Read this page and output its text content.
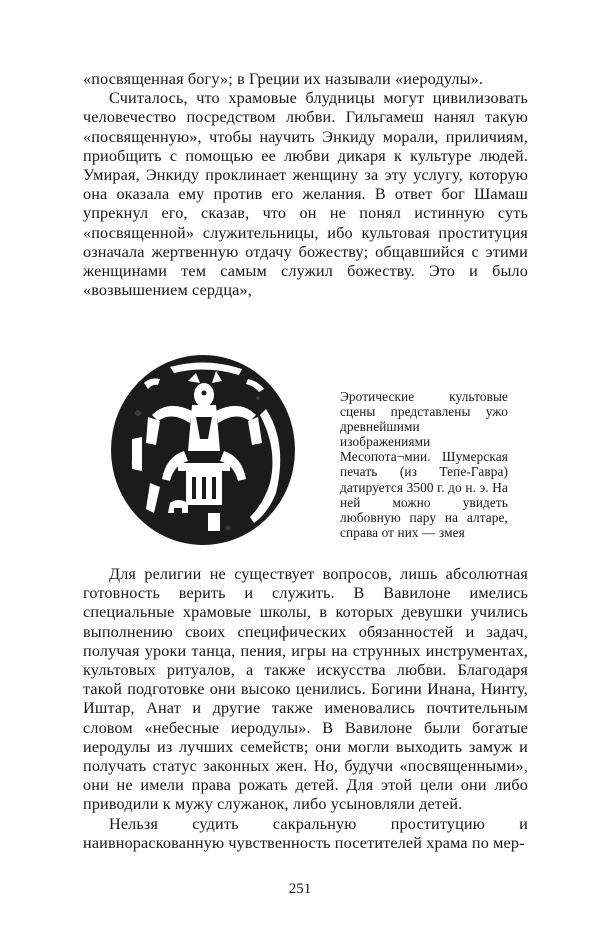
«посвященная богу»; в Греции их называли «иеродулы».

Считалось, что храмовые блудницы могут цивилизовать человечество посредством любви. Гильгамеш нанял такую «посвященную», чтобы научить Энкиду морали, приличиям, приобщить с помощью ее любви дикаря к культуре людей. Умирая, Энкиду проклинает женщину за эту услугу, которую она оказала ему против его желания. В ответ бог Шамаш упрекнул его, сказав, что он не понял истинную суть «посвященной» служительницы, ибо культовая проституция означала жертвенную отдачу божеству; общавшийся с этими женщинами тем самым служил божеству. Это и было «возвышением сердца»,

Эротические культовые сцены представлены ужо древнейшими изображениями Месопота¬мии. Шумерская печать (из Тепе-Гавра) датируется 3500 г. до н. э. На ней можно увидеть любовную пару на алтаре, справа от них — змея

Для религии не существует вопросов, лишь абсолютная готовность верить и служить. В Вавилоне имелись специальные храмовые школы, в которых девушки учились выполнению своих специфических обязанностей и задач, получая уроки танца, пения, игры на струнных инструментах, культовых ритуалов, а также искусства любви. Благодаря такой подготовке они высоко ценились. Богини Инана, Нинту, Иштар, Анат и другие также именовались почтительным словом «небесные иеродулы». В Вавилоне были богатые иеродулы из лучших семейств; они могли выходить замуж и получать статус законных жен. Но, будучи «посвященными», они не имели права рожать детей. Для этой цели они либо приводили к мужу служанок, либо усыновляли детей.

Нельзя судить сакральную проституцию и наивнораскованную чувственность посетителей храма по мер-

251
